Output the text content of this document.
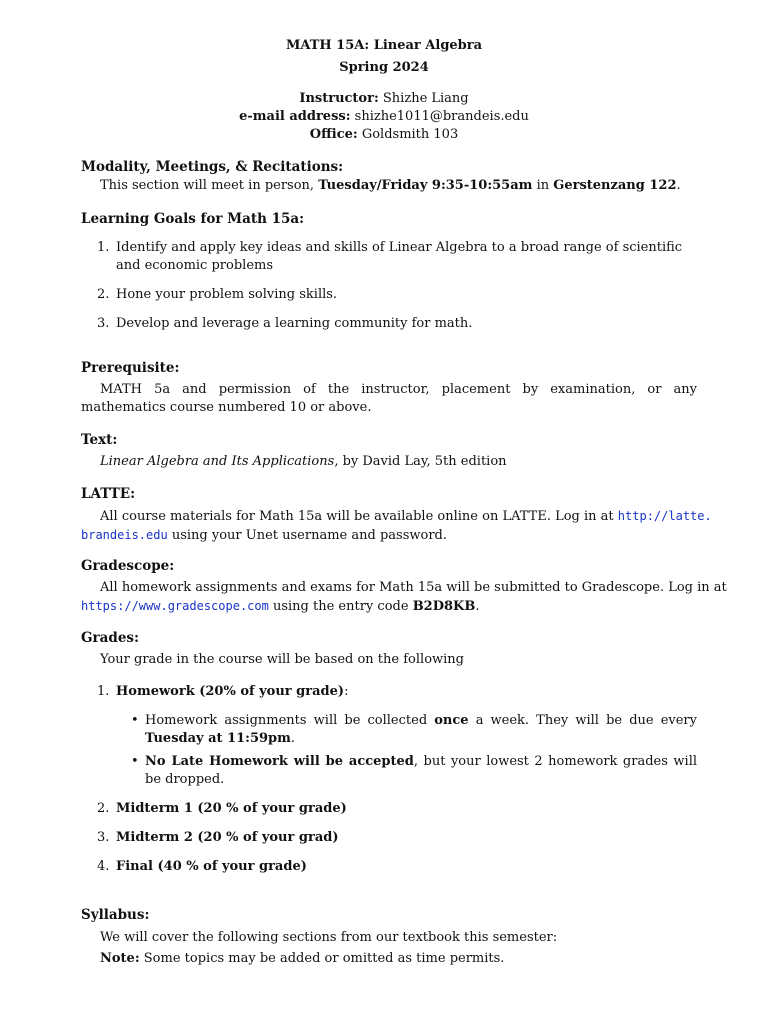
MATH 15A: Linear Algebra
Spring 2024
Instructor: Shizhe Liang
e-mail address: shizhe1011@brandeis.edu
Office: Goldsmith 103
Modality, Meetings, & Recitations:
This section will meet in person, Tuesday/Friday 9:35-10:55am in Gerstenzang 122.
Learning Goals for Math 15a:
1. Identify and apply key ideas and skills of Linear Algebra to a broad range of scientific and economic problems
2. Hone your problem solving skills.
3. Develop and leverage a learning community for math.
Prerequisite:
MATH 5a and permission of the instructor, placement by examination, or any mathematics course numbered 10 or above.
Text:
Linear Algebra and Its Applications, by David Lay, 5th edition
LATTE:
All course materials for Math 15a will be available online on LATTE. Log in at http://latte.
brandeis.edu using your Unet username and password.
Gradescope:
All homework assignments and exams for Math 15a will be submitted to Gradescope. Log in at
https://www.gradescope.com using the entry code B2D8KB.
Grades:
Your grade in the course will be based on the following
1. Homework (20% of your grade):
• Homework assignments will be collected once a week. They will be due every Tuesday at 11:59pm.
• No Late Homework will be accepted, but your lowest 2 homework grades will be dropped.
2. Midterm 1 (20 % of your grade)
3. Midterm 2 (20 % of your grad)
4. Final (40 % of your grade)
Syllabus:
We will cover the following sections from our textbook this semester:
Note: Some topics may be added or omitted as time permits.
